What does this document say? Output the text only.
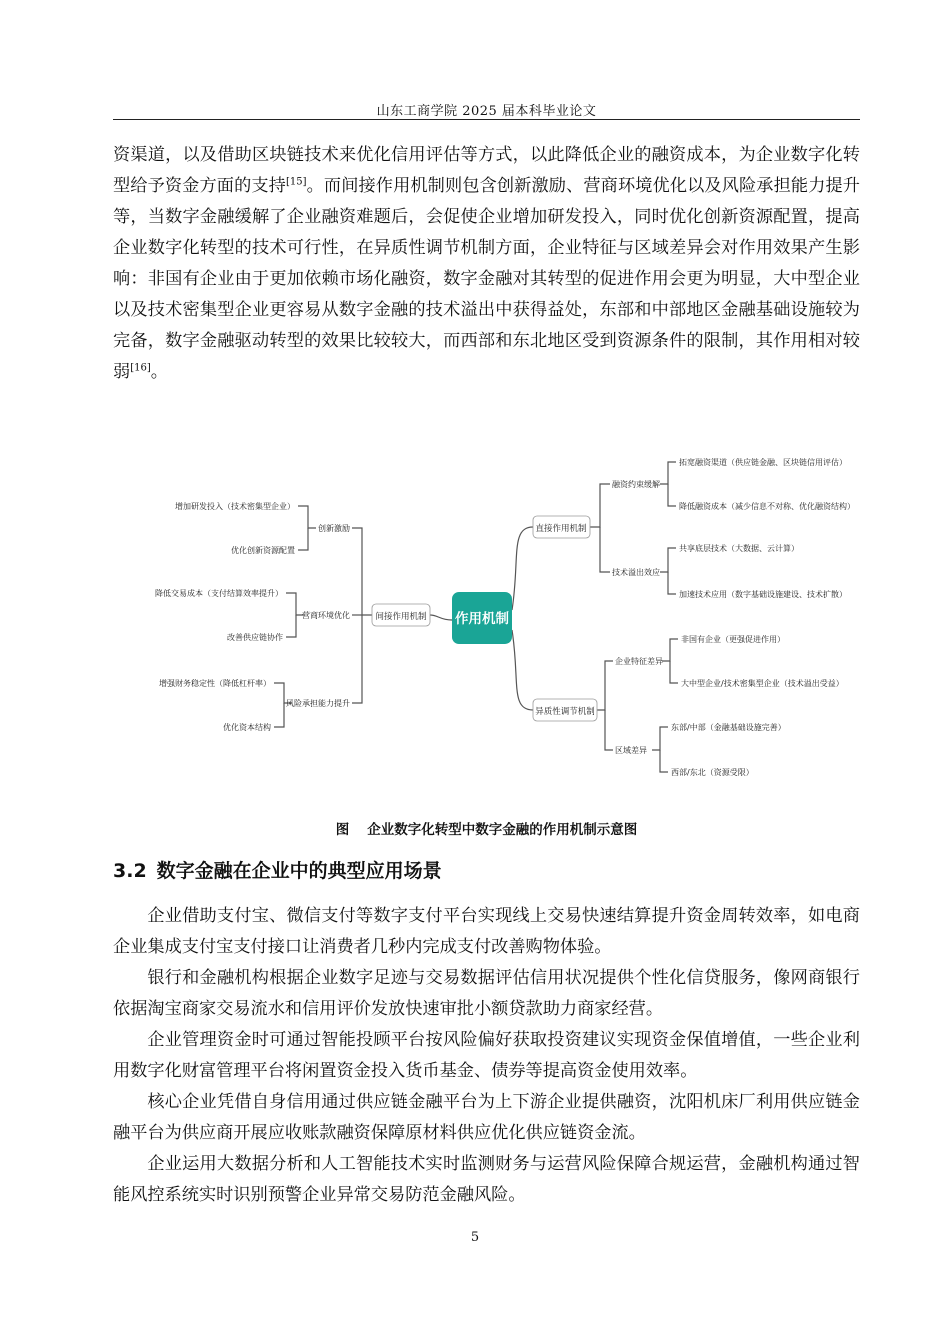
山东工商学院 2025 届本科毕业论文

资渠道，以及借助区块链技术来优化信用评估等方式，以此降低企业的融资成本，为企业数字化转型给予资金方面的支持[15]。而间接作用机制则包含创新激励、营商环境优化以及风险承担能力提升等，当数字金融缓解了企业融资难题后，会促使企业增加研发投入，同时优化创新资源配置，提高企业数字化转型的技术可行性，在异质性调节机制方面，企业特征与区域差异会对作用效果产生影响：非国有企业由于更加依赖市场化融资，数字金融对其转型的促进作用会更为明显，大中型企业以及技术密集型企业更容易从数字金融的技术溢出中获得益处，东部和中部地区金融基础设施较为完备，数字金融驱动转型的效果比较较大，而西部和东北地区受到资源条件的限制，其作用相对较弱[16]。

作用机制
直接作用机制
异质性调节机制
间接作用机制
融资约束缓解
技术溢出效应
拓宽融资渠道（供应链金融、区块链信用评估）
降低融资成本（减少信息不对称、优化融资结构）
共享底层技术（大数据、云计算）
加速技术应用（数字基础设施建设、技术扩散）
企业特征差异
区域差异
非国有企业（更强促进作用）
大中型企业/技术密集型企业（技术溢出受益）
东部/中部（金融基础设施完善）
西部/东北（资源受限）
创新激励
营商环境优化
风险承担能力提升
增加研发投入（技术密集型企业）
优化创新资源配置
降低交易成本（支付结算效率提升）
改善供应链协作
增强财务稳定性（降低杠杆率）
优化资本结构
图 企业数字化转型中数字金融的作用机制示意图
3.2 数字金融在企业中的典型应用场景

企业借助支付宝、微信支付等数字支付平台实现线上交易快速结算提升资金周转效率，如电商企业集成支付宝支付接口让消费者几秒内完成支付改善购物体验。

银行和金融机构根据企业数字足迹与交易数据评估信用状况提供个性化信贷服务，像网商银行依据淘宝商家交易流水和信用评价发放快速审批小额贷款助力商家经营。

企业管理资金时可通过智能投顾平台按风险偏好获取投资建议实现资金保值增值，一些企业利用数字化财富管理平台将闲置资金投入货币基金、债券等提高资金使用效率。

核心企业凭借自身信用通过供应链金融平台为上下游企业提供融资，沈阳机床厂利用供应链金融平台为供应商开展应收账款融资保障原材料供应优化供应链资金流。

企业运用大数据分析和人工智能技术实时监测财务与运营风险保障合规运营，金融机构通过智能风控系统实时识别预警企业异常交易防范金融风险。

5
